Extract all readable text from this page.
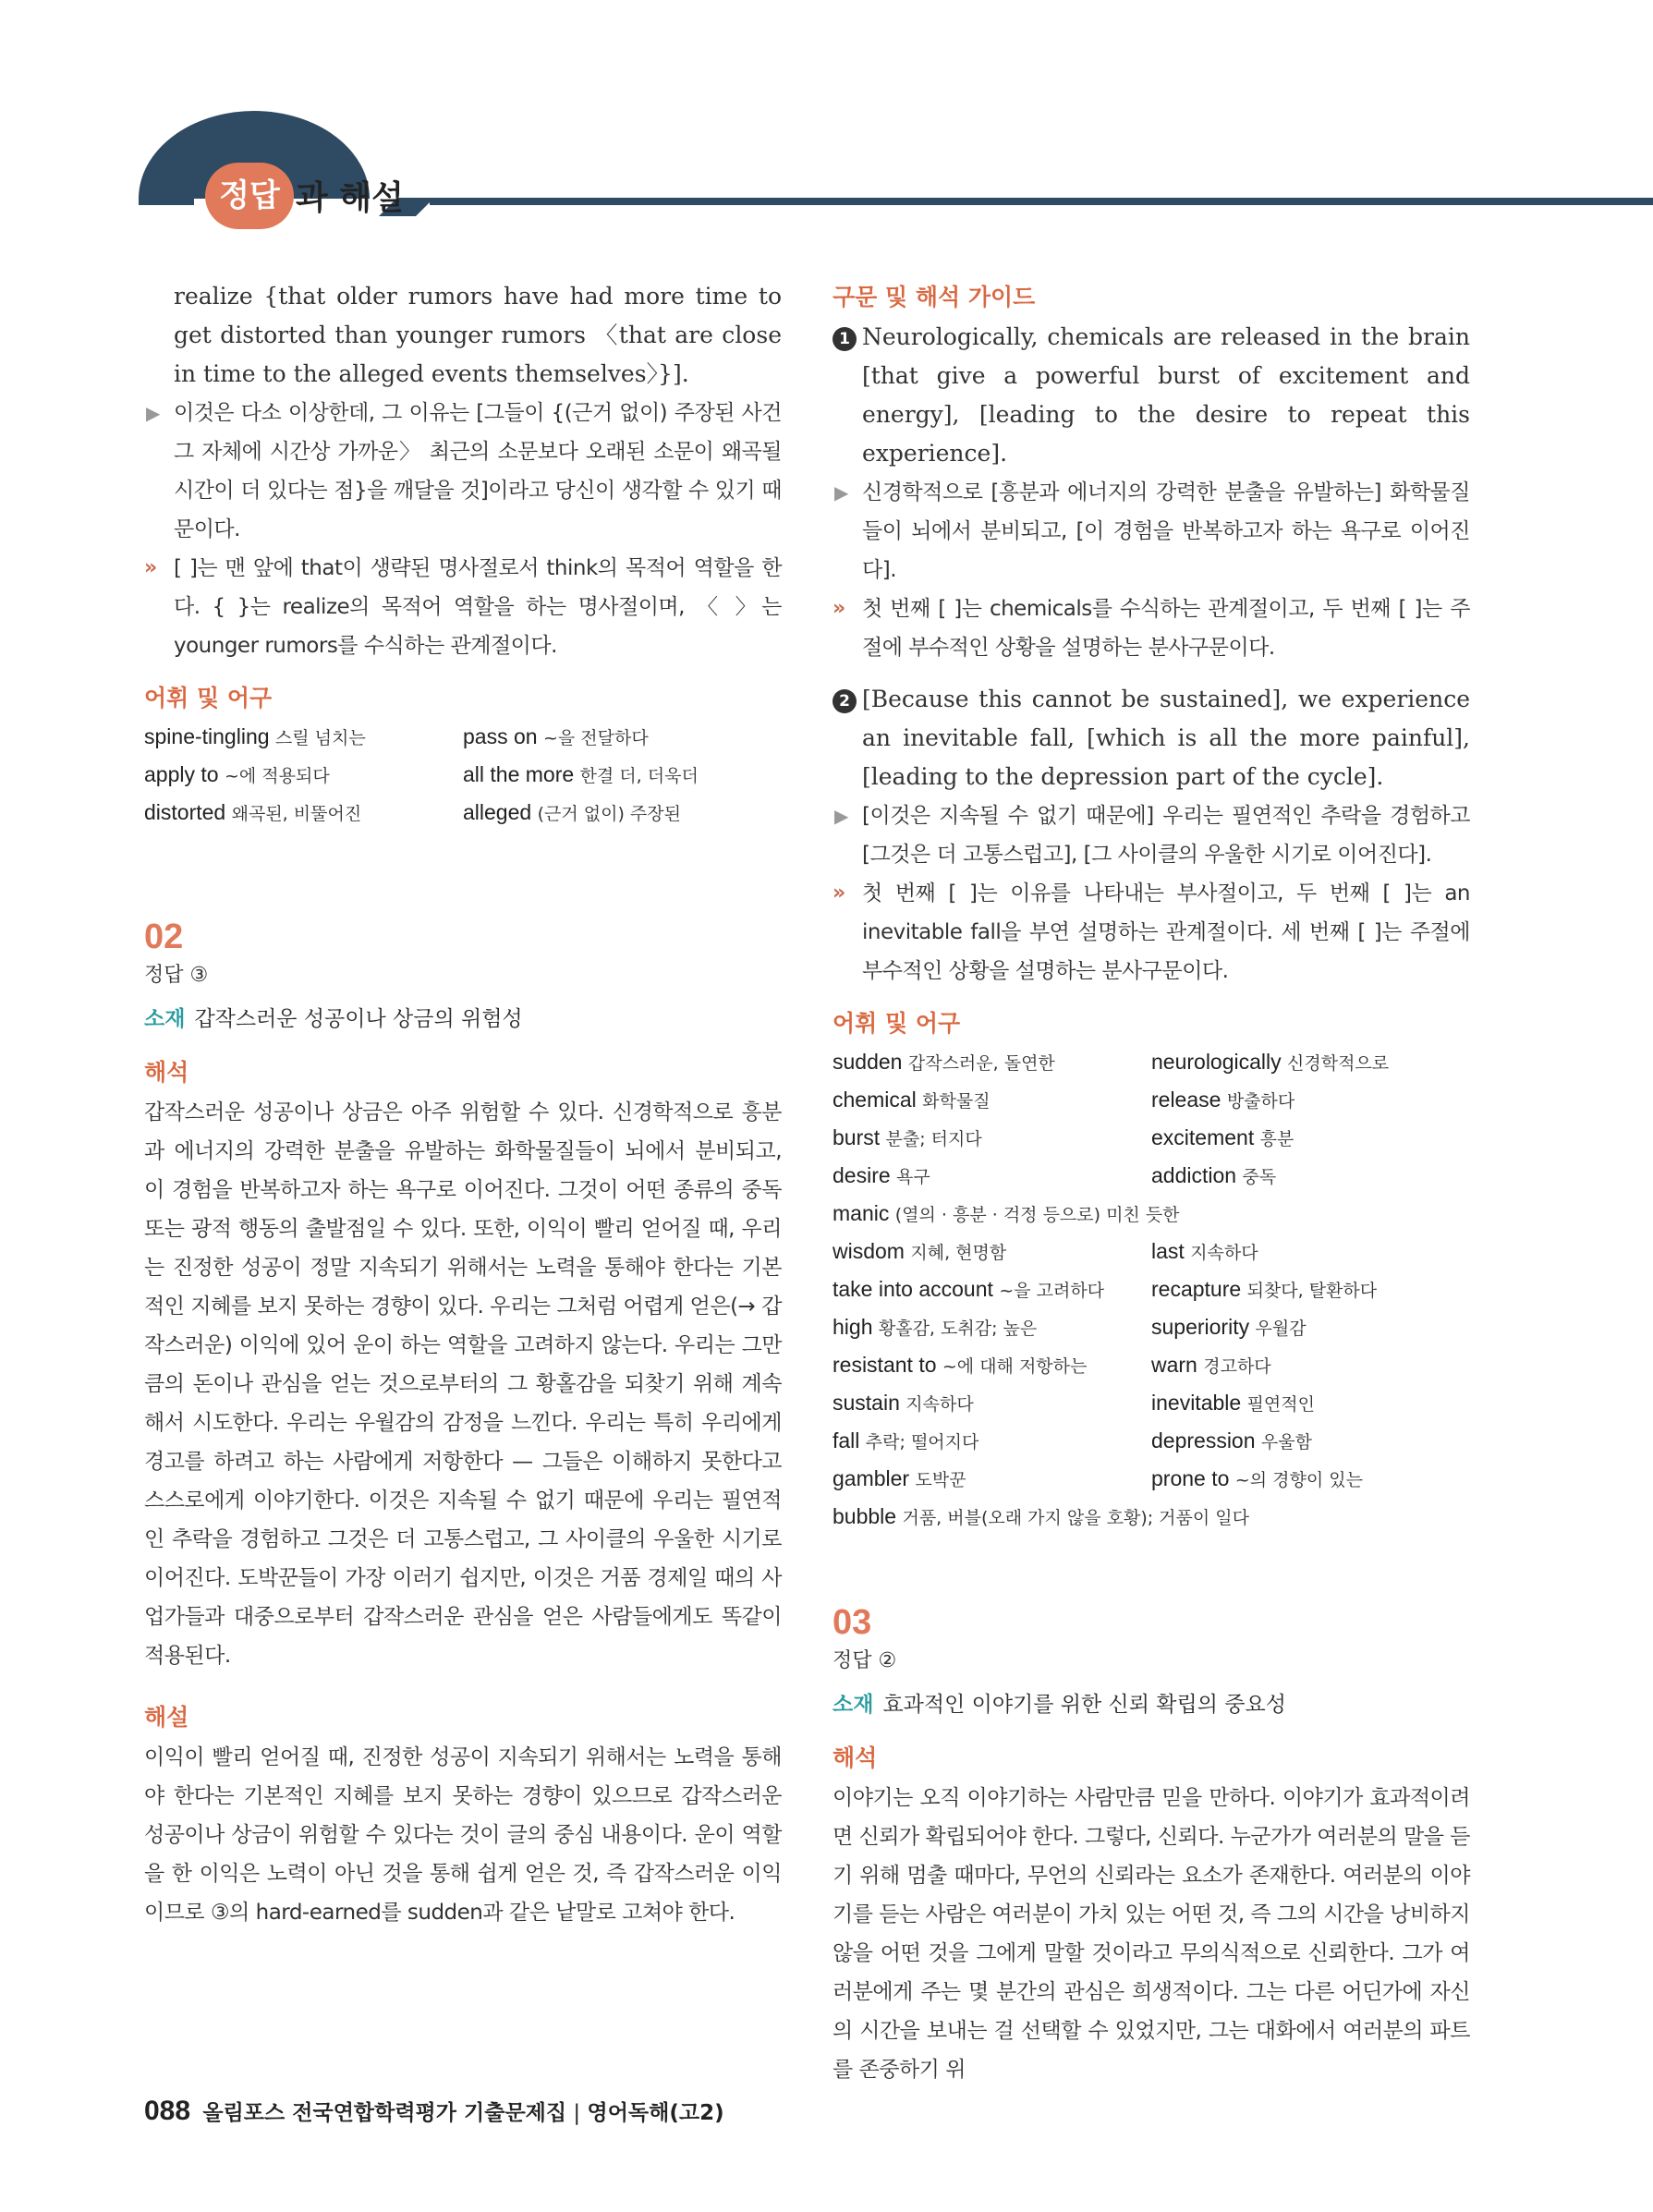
정답 과 해설
realize {that older rumors have had more time to get distorted than younger rumors 〈that are close in time to the alleged events themselves〉}].
▶ 이것은 다소 이상한데, 그 이유는 [그들이 {(근거 없이) 주장된 사건 그 자체에 시간상 가까운〉 최근의 소문보다 오래된 소문이 왜곡될 시간이 더 있다는 점}을 깨달을 것]이라고 당신이 생각할 수 있기 때문이다.
» [ ]는 맨 앞에 that이 생략된 명사절로서 think의 목적어 역할을 한다. { }는 realize의 목적어 역할을 하는 명사절이며, 〈 〉는 younger rumors를 수식하는 관계절이다.
어휘 및 어구
spine-tingling 스릴 넘치는	pass on ~을 전달하다
apply to ~에 적용되다	all the more 한결 더, 더욱더
distorted 왜곡된, 비뚤어진	alleged (근거 없이) 주장된
02
정답 ③
소재 갑작스러운 성공이나 상금의 위험성
해석
갑작스러운 성공이나 상금은 아주 위험할 수 있다. 신경학적으로 흥분과 에너지의 강력한 분출을 유발하는 화학물질들이 뇌에서 분비되고, 이 경험을 반복하고자 하는 욕구로 이어진다. 그것이 어떤 종류의 중독 또는 광적 행동의 출발점일 수 있다. 또한, 이익이 빨리 얻어질 때, 우리는 진정한 성공이 정말 지속되기 위해서는 노력을 통해야 한다는 기본적인 지혜를 보지 못하는 경향이 있다. 우리는 그처럼 어렵게 얻은(→ 갑작스러운) 이익에 있어 운이 하는 역할을 고려하지 않는다. 우리는 그만큼의 돈이나 관심을 얻는 것으로부터의 그 황홀감을 되찾기 위해 계속해서 시도한다. 우리는 우월감의 감정을 느낀다. 우리는 특히 우리에게 경고를 하려고 하는 사람에게 저항한다 — 그들은 이해하지 못한다고 스스로에게 이야기한다. 이것은 지속될 수 없기 때문에 우리는 필연적인 추락을 경험하고 그것은 더 고통스럽고, 그 사이클의 우울한 시기로 이어진다. 도박꾼들이 가장 이러기 쉽지만, 이것은 거품 경제일 때의 사업가들과 대중으로부터 갑작스러운 관심을 얻은 사람들에게도 똑같이 적용된다.
해설
이익이 빨리 얻어질 때, 진정한 성공이 지속되기 위해서는 노력을 통해야 한다는 기본적인 지혜를 보지 못하는 경향이 있으므로 갑작스러운 성공이나 상금이 위험할 수 있다는 것이 글의 중심 내용이다. 운이 역할을 한 이익은 노력이 아닌 것을 통해 쉽게 얻은 것, 즉 갑작스러운 이익이므로 ③의 hard-earned를 sudden과 같은 낱말로 고쳐야 한다.
구문 및 해석 가이드
1 Neurologically, chemicals are released in the brain [that give a powerful burst of excitement and energy], [leading to the desire to repeat this experience].
▶ 신경학적으로 [흥분과 에너지의 강력한 분출을 유발하는] 화학물질들이 뇌에서 분비되고, [이 경험을 반복하고자 하는 욕구로 이어진다].
» 첫 번째 [ ]는 chemicals를 수식하는 관계절이고, 두 번째 [ ]는 주절에 부수적인 상황을 설명하는 분사구문이다.
2 [Because this cannot be sustained], we experience an inevitable fall, [which is all the more painful], [leading to the depression part of the cycle].
▶ [이것은 지속될 수 없기 때문에] 우리는 필연적인 추락을 경험하고 [그것은 더 고통스럽고], [그 사이클의 우울한 시기로 이어진다].
» 첫 번째 [ ]는 이유를 나타내는 부사절이고, 두 번째 [ ]는 an inevitable fall을 부연 설명하는 관계절이다. 세 번째 [ ]는 주절에 부수적인 상황을 설명하는 분사구문이다.
어휘 및 어구
sudden 갑작스러운, 돌연한	neurologically 신경학적으로
chemical 화학물질	release 방출하다
burst 분출; 터지다	excitement 흥분
desire 욕구	addiction 중독
manic (열의 · 흥분 · 걱정 등으로) 미친 듯한
wisdom 지혜, 현명함	last 지속하다
take into account ~을 고려하다	recapture 되찾다, 탈환하다
high 황홀감, 도취감; 높은	superiority 우월감
resistant to ~에 대해 저항하는	warn 경고하다
sustain 지속하다	inevitable 필연적인
fall 추락; 떨어지다	depression 우울함
gambler 도박꾼	prone to ~의 경향이 있는
bubble 거품, 버블(오래 가지 않을 호황); 거품이 일다
03
정답 ②
소재 효과적인 이야기를 위한 신뢰 확립의 중요성
해석
이야기는 오직 이야기하는 사람만큼 믿을 만하다. 이야기가 효과적이려면 신뢰가 확립되어야 한다. 그렇다, 신뢰다. 누군가가 여러분의 말을 듣기 위해 멈출 때마다, 무언의 신뢰라는 요소가 존재한다. 여러분의 이야기를 듣는 사람은 여러분이 가치 있는 어떤 것, 즉 그의 시간을 낭비하지 않을 어떤 것을 그에게 말할 것이라고 무의식적으로 신뢰한다. 그가 여러분에게 주는 몇 분간의 관심은 희생적이다. 그는 다른 어딘가에 자신의 시간을 보내는 걸 선택할 수 있었지만, 그는 대화에서 여러분의 파트를 존중하기 위
088 올림포스 전국연합학력평가 기출문제집 | 영어독해(고2)
